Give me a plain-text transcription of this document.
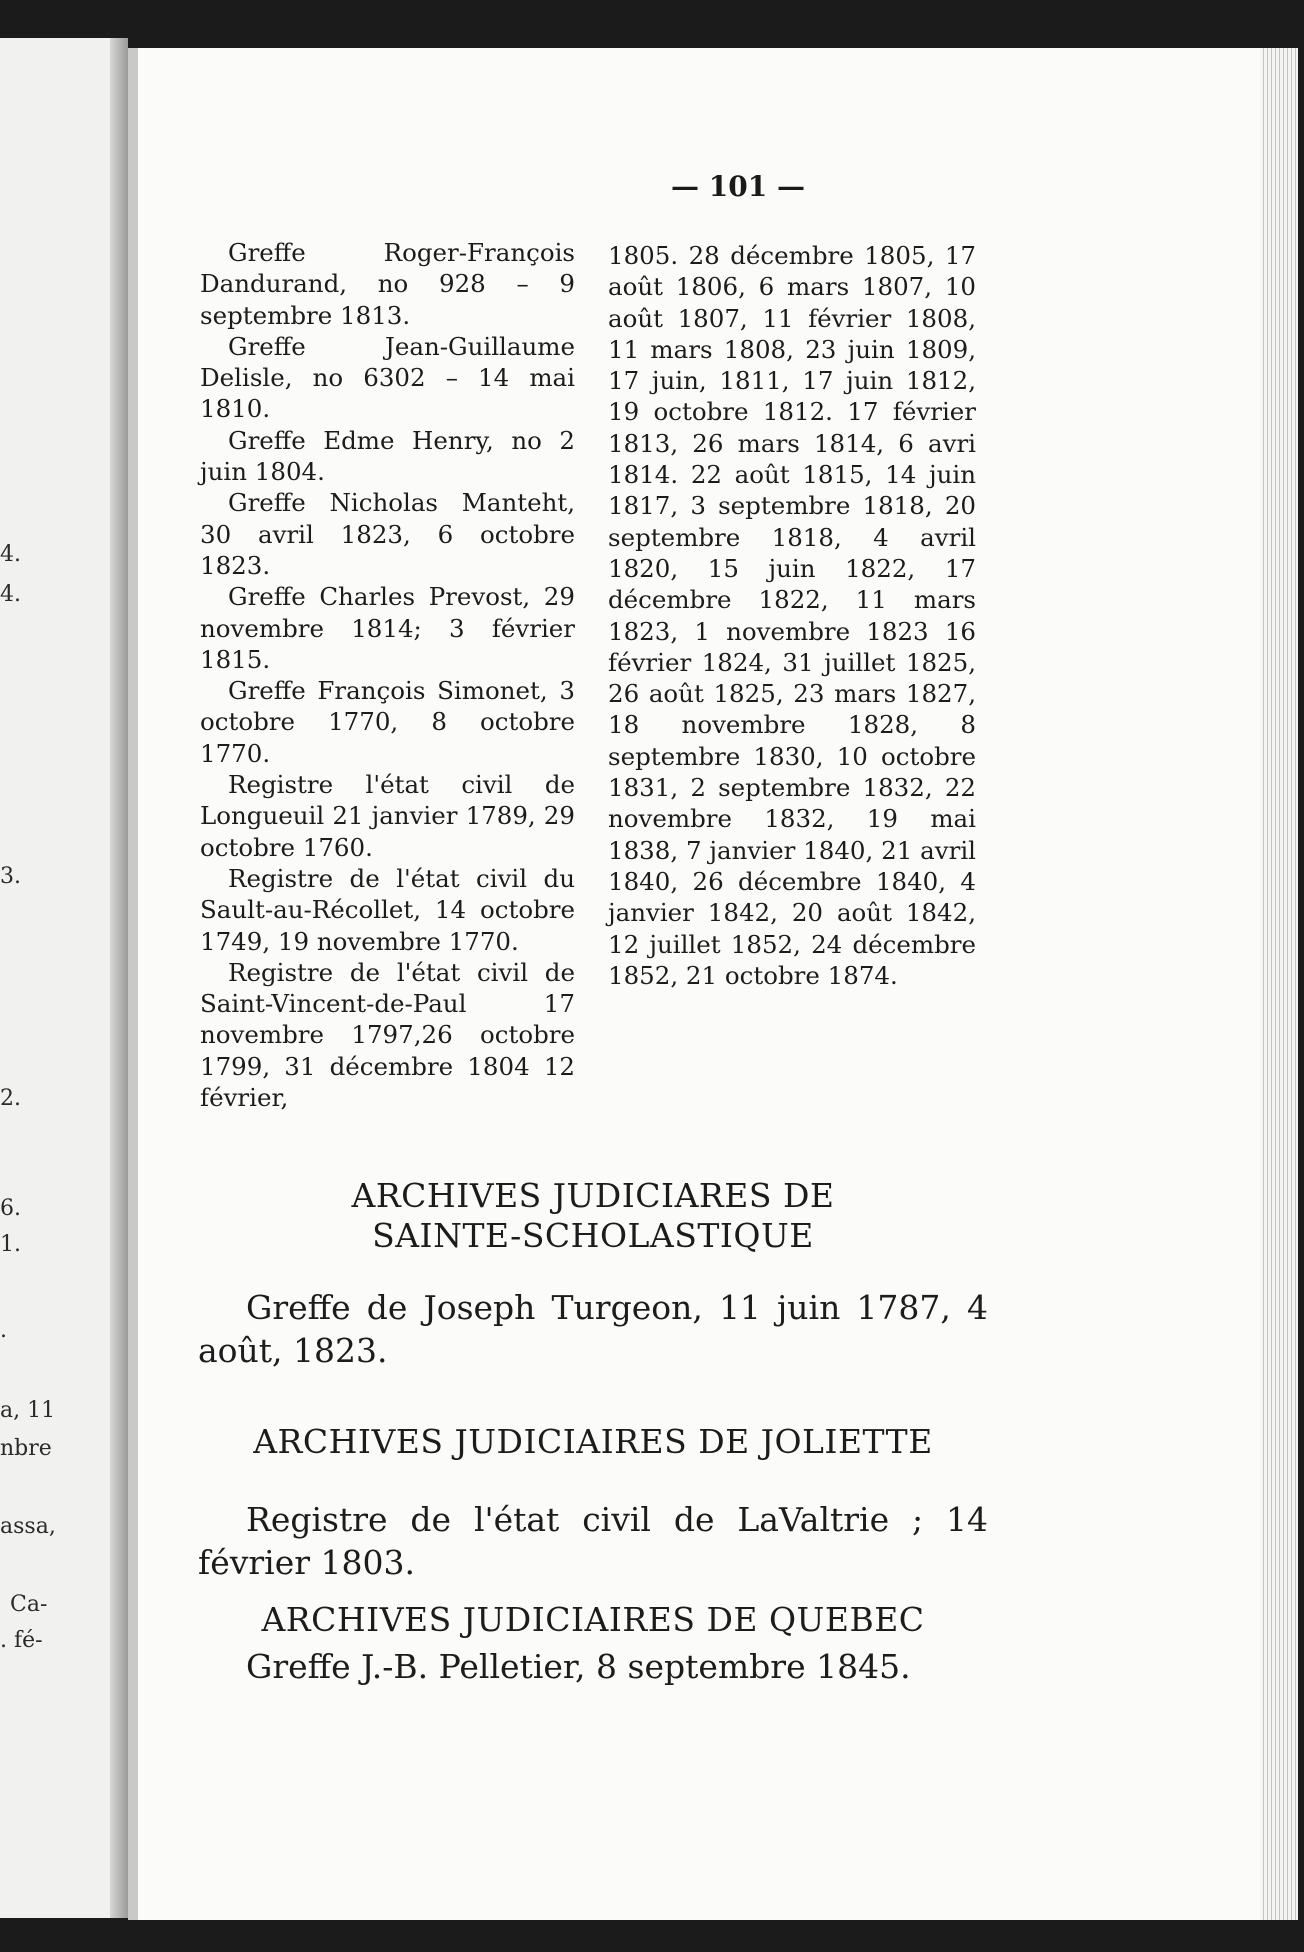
4.
4.
3.
2.
6.
1.
.
a, 11
nbre
assa,
Ca-
. fé-
— 101 —

Greffe Roger-François Dandurand, no 928 – 9 septembre 1813.

Greffe Jean-Guillaume Delisle, no 6302 – 14 mai 1810.

Greffe Edme Henry, no 2 juin 1804.

Greffe Nicholas Manteht, 30 avril 1823, 6 octobre 1823.

Greffe Charles Prevost, 29 novembre 1814; 3 février 1815.

Greffe François Simonet, 3 octobre 1770, 8 octobre 1770.

Registre l'état civil de Longueuil 21 janvier 1789, 29 octobre 1760.

Registre de l'état civil du Sault-au-Récollet, 14 octobre 1749, 19 novembre 1770.

Registre de l'état civil de Saint-Vincent-de-Paul 17 novembre 1797,26 octobre 1799, 31 décembre 1804 12 février,

1805. 28 décembre 1805, 17 août 1806, 6 mars 1807, 10 août 1807, 11 février 1808, 11 mars 1808, 23 juin 1809, 17 juin, 1811, 17 juin 1812, 19 octobre 1812. 17 février 1813, 26 mars 1814, 6 avri 1814. 22 août 1815, 14 juin 1817, 3 septembre 1818, 20 septembre 1818, 4 avril 1820, 15 juin 1822, 17 décembre 1822, 11 mars 1823, 1 novembre 1823 16 février 1824, 31 juillet 1825, 26 août 1825, 23 mars 1827, 18 novembre 1828, 8 septembre 1830, 10 octobre 1831, 2 septembre 1832, 22 novembre 1832, 19 mai 1838, 7 janvier 1840, 21 avril 1840, 26 décembre 1840, 4 janvier 1842, 20 août 1842, 12 juillet 1852, 24 décembre 1852, 21 octobre 1874.

ARCHIVES JUDICIARES DE
SAINTE-SCHOLASTIQUE
Greffe de Joseph Turgeon, 11 juin 1787, 4 août, 1823.
ARCHIVES JUDICIAIRES DE JOLIETTE
Registre de l'état civil de LaValtrie ; 14 février 1803.
ARCHIVES JUDICIAIRES DE QUEBEC
Greffe J.-B. Pelletier, 8 septembre 1845.
